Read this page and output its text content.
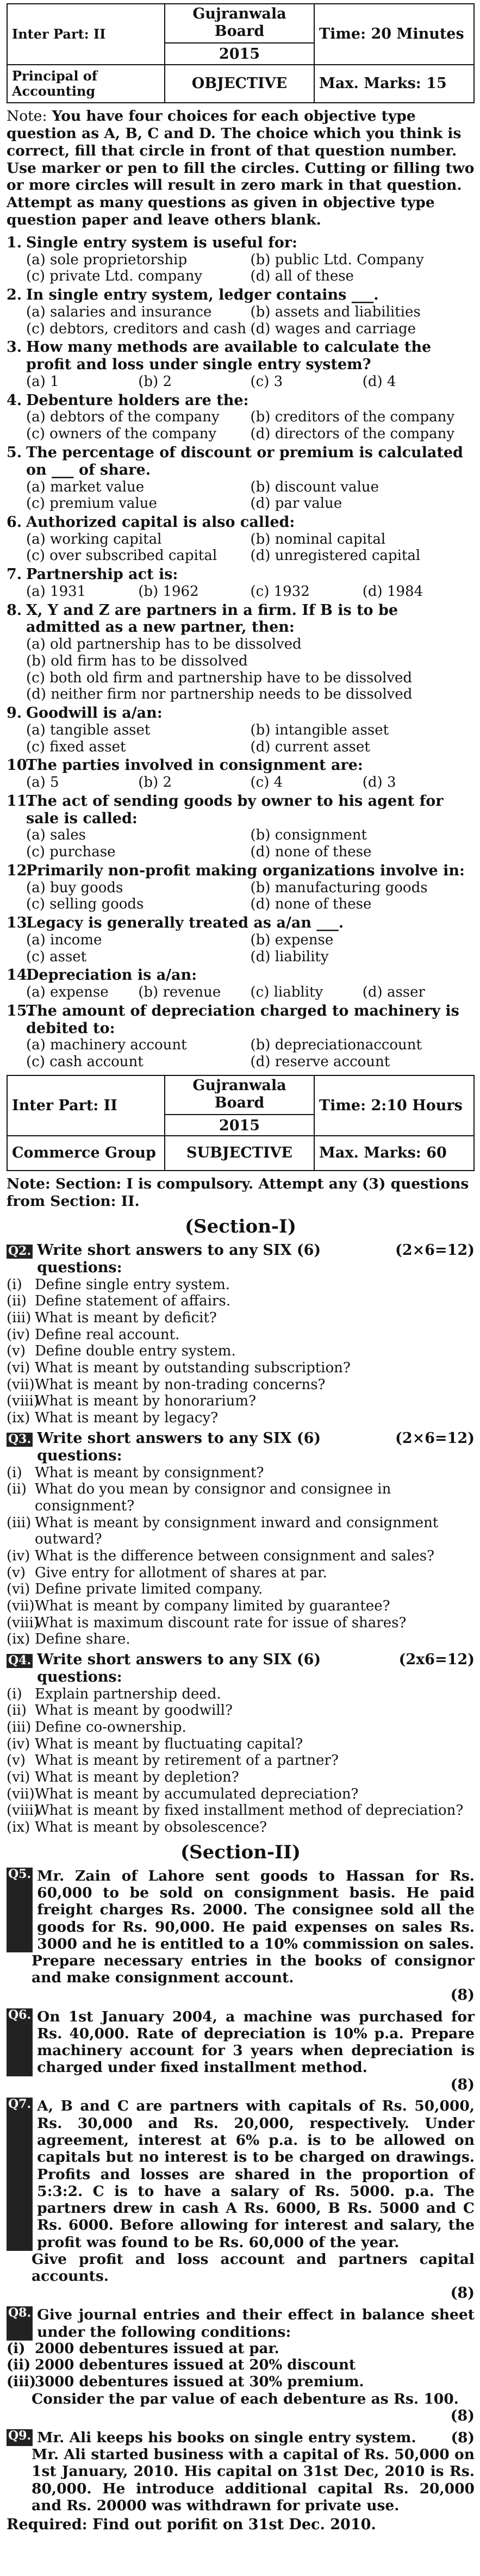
Inter Part: II	Gujranwala Board
2015	Time: 20 Minutes
Principal of Accounting	OBJECTIVE	Max. Marks: 15

Note: You have four choices for each objective type question as A, B, C and D. The choice which you think is correct, fill that circle in front of that question number. Use marker or pen to fill the circles. Cutting or filling two or more circles will result in zero mark in that question. Attempt as many questions as given in objective type question paper and leave others blank.

1. Single entry system is useful for:
(a) sole proprietorship	(b) public Ltd. Company
(c) private Ltd. company	(d) all of these
2. In single entry system, ledger contains ___.
(a) salaries and insurance	(b) assets and liabilities
(c) debtors, creditors and cash (d) wages and carriage
3. How many methods are available to calculate the profit and loss under single entry system?
(a) 1	(b) 2	(c) 3	(d) 4
4. Debenture holders are the:
(a) debtors of the company	(b) creditors of the company
(c) owners of the company	(d) directors of the company
5. The percentage of discount or premium is calculated on ___ of share.
(a) market value	(b) discount value
(c) premium value	(d) par value
6. Authorized capital is also called:
(a) working capital	(b) nominal capital
(c) over subscribed capital	(d) unregistered capital
7. Partnership act is:
(a) 1931	(b) 1962	(c) 1932	(d) 1984
8. X, Y and Z are partners in a firm. If B is to be admitted as a new partner, then:
(a) old partnership has to be dissolved
(b) old firm has to be dissolved
(c) both old firm and partnership have to be dissolved
(d) neither firm nor partnership needs to be dissolved
9. Goodwill is a/an:
(a) tangible asset	(b) intangible asset
(c) fixed asset	(d) current asset
10.
The parties involved in consignment are:
(a) 5	(b) 2	(c) 4	(d) 3
11.
The act of sending goods by owner to his agent for sale is called:
(a) sales	(b) consignment
(c) purchase	(d) none of these
12.
Primarily non-profit making organizations involve in:
(a) buy goods	(b) manufacturing goods
(c) selling goods	(d) none of these
13.
Legacy is generally treated as a/an ___.
(a) income	(b) expense
(c) asset	(d) liability
14.
Depreciation is a/an:
(a) expense	(b) revenue	(c) liablity	(d) asser
15.
The amount of depreciation charged to machinery is debited to:
(a) machinery account	(b) depreciationaccount
(c) cash account	(d) reserve account
Inter Part: II	Gujranwala Board
2015	Time: 2:10 Hours
Commerce Group	SUBJECTIVE	Max. Marks: 60

Note: Section: I is compulsory. Attempt any (3) questions from Section: II.

(Section-I)
Q2. Write short answers to any SIX (6) questions:
(2×6=12)
(i) Define single entry system.
(ii) Define statement of affairs.
(iii) What is meant by deficit?
(iv) Define real account.
(v) Define double entry system.
(vi) What is meant by outstanding subscription?
(vii) What is meant by non-trading concerns?
(viii)
What is meant by honorarium?
(ix) What is meant by legacy?
Q3. Write short answers to any SIX (6) questions:
(2×6=12)
(i) What is meant by consignment?
(ii) What do you mean by consignor and consignee in consignment?
(iii) What is meant by consignment inward and consignment outward?
(iv) What is the difference between consignment and sales?
(v) Give entry for allotment of shares at par.
(vi) Define private limited company.
(vii) What is meant by company limited by guarantee?
(viii)
What is maximum discount rate for issue of shares?
(ix) Define share.
Q4. Write short answers to any SIX (6) questions:
(2x6=12)
(i) Explain partnership deed.
(ii) What is meant by goodwill?
(iii) Define co-ownership.
(iv) What is meant by fluctuating capital?
(v) What is meant by retirement of a partner?
(vi) What is meant by depletion?
(vii) What is meant by accumulated depreciation?
(viii)
What is meant by fixed installment method of depreciation?
(ix) What is meant by obsolescence?
(Section-II)
Q5. Mr. Zain of Lahore sent goods to Hassan for Rs. 60,000 to be sold on consignment basis. He paid freight charges Rs. 2000. The consignee sold all the goods for Rs. 90,000. He paid expenses on sales Rs. 3000 and he is entitled to a 10% commission on sales.
Prepare necessary entries in the books of consignor and make consignment account.
(8)
Q6. On 1st January 2004, a machine was purchased for Rs. 40,000. Rate of depreciation is 10% p.a. Prepare machinery account for 3 years when depreciation is charged under fixed installment method.
(8)
Q7. A, B and C are partners with capitals of Rs. 50,000, Rs. 30,000 and Rs. 20,000, respectively. Under agreement, interest at 6% p.a. is to be allowed on capitals but no interest is to be charged on drawings. Profits and losses are shared in the proportion of 5:3:2. C is to have a salary of Rs. 5000. p.a. The partners drew in cash A Rs. 6000, B Rs. 5000 and C Rs. 6000. Before allowing for interest and salary, the profit was found to be Rs. 60,000 of the year.
Give profit and loss account and partners capital accounts.
(8)
Q8. Give journal entries and their effect in balance sheet under the following conditions:
(i) 2000 debentures issued at par.
(ii) 2000 debentures issued at 20% discount
(iii)
3000 debentures issued at 30% premium.
Consider the par value of each debenture as Rs. 100.
(8)
Q9. Mr. Ali keeps his books on single entry system.	(8)
Mr. Ali started business with a capital of Rs. 50,000 on 1st January, 2010. His capital on 31st Dec, 2010 is Rs. 80,000. He introduce additional capital Rs. 20,000 and Rs. 20000 was withdrawn for private use.
Required: Find out porifit on 31st Dec. 2010.
